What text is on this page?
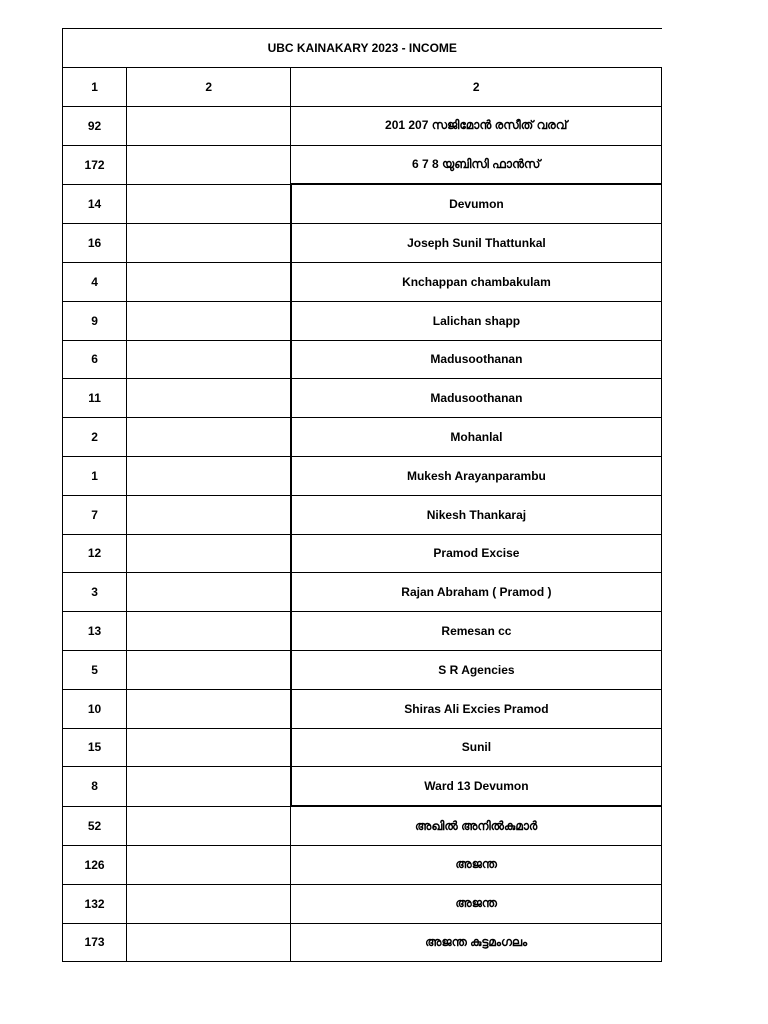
UBC KAINAKARY 2023 - INCOME		
1	2	2
92		201 207 സജിമോൻ രസീത് വരവ്
172		6 7 8 യുബിസി ഫാൻസ്
14		Devumon
16		Joseph Sunil Thattunkal
4		Knchappan chambakulam
9		Lalichan shapp
6		Madusoothanan
11		Madusoothanan
2		Mohanlal
1		Mukesh Arayanparambu
7		Nikesh Thankaraj
12		Pramod Excise
3		Rajan Abraham ( Pramod )
13		Remesan cc
5		S R Agencies
10		Shiras Ali Excies Pramod
15		Sunil
8		Ward 13 Devumon
52		അഖിൽ അനിൽകുമാർ
126		അജന്ത
132		അജന്ത
173		അജന്ത കുട്ടമംഗലം
